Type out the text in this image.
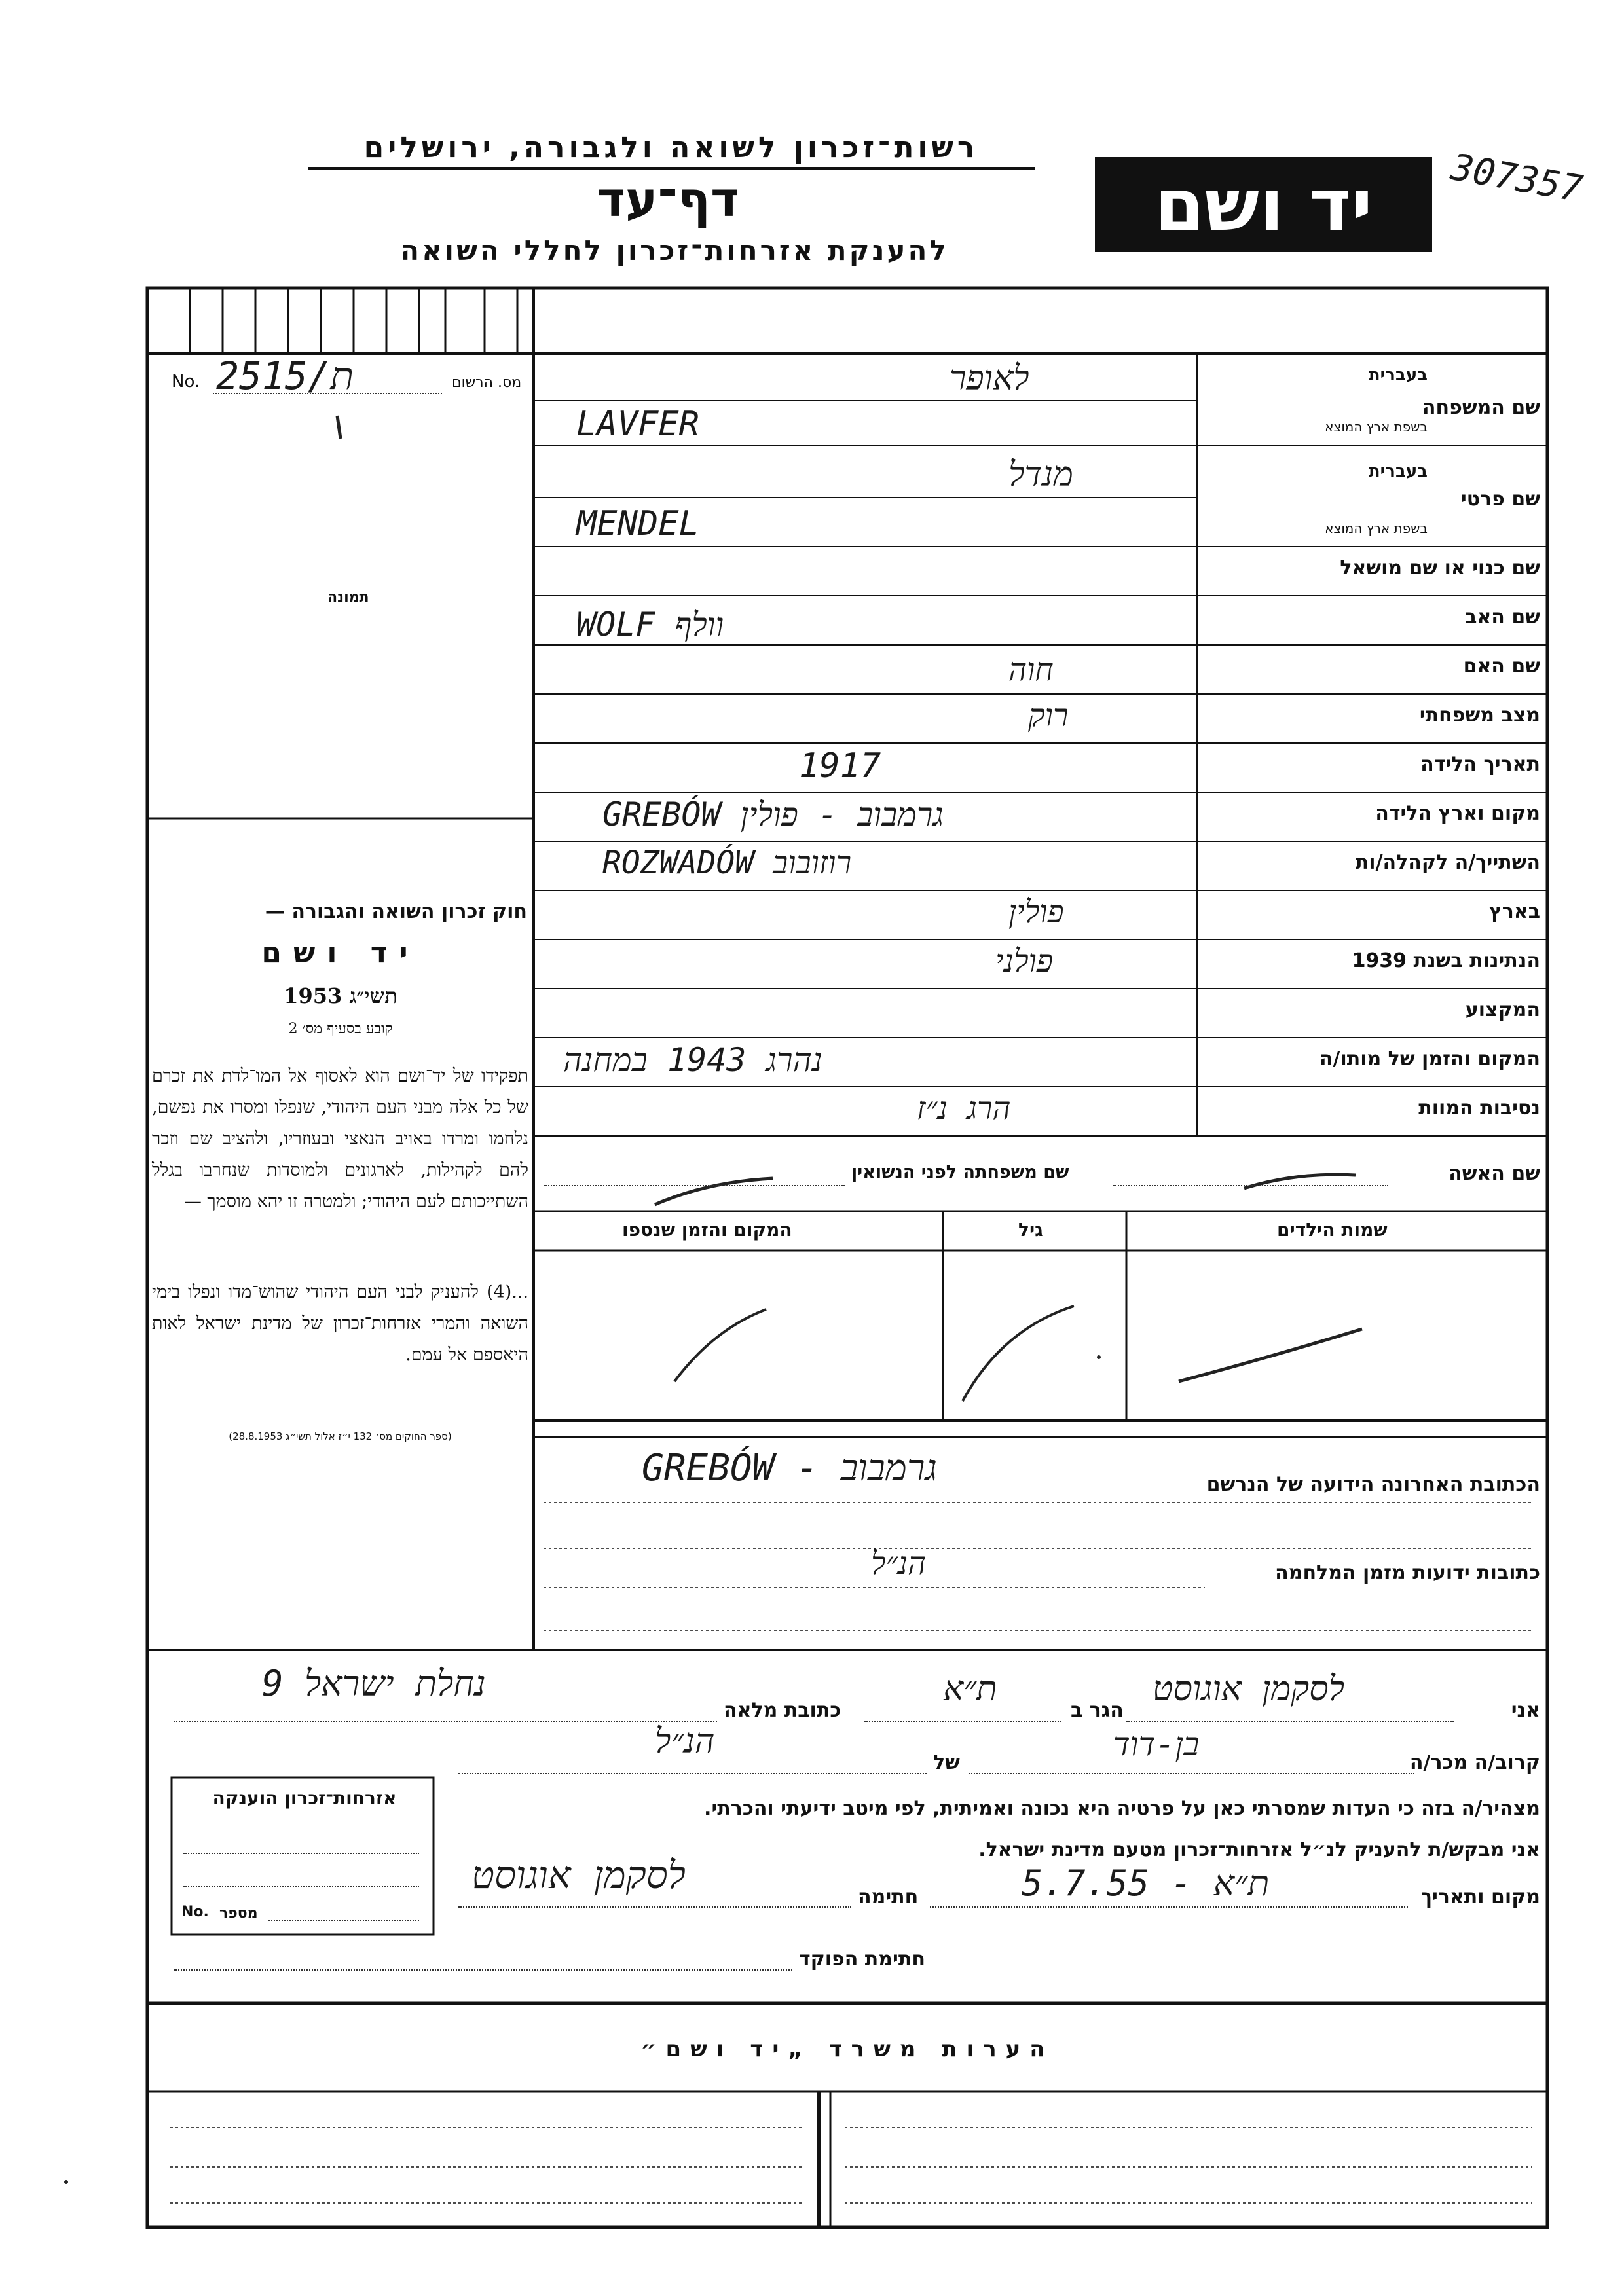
רשות־זכרון לשואה ולגבורה, ירושלים
דף־עד
להענקת אזרחות־זכרון לחללי השואה
יד ושם 307357
מס. הרשום
No. ת/2515
תמונה
חוק זכרון השואה והגבורה —
יד ושם
תשי״ג 1953
קובע בסעיף מס׳ 2
תפקידו של יד־ושם הוא לאסוף אל המו־לדת את זכרם של כל אלה מבני העם היהודי, שנפלו ומסרו את נפשם, נלחמו ומרדו באויב הנאצי ובעוזריו, ולהציב שם וזכר להם לקהילות, לארגונים ולמוסדות שנחרבו בגלל השתייכותם לעם היהודי; ולמטרה זו יהא מוסמך —
...(4) להעניק לבני העם היהודי שהוש־מדו ונפלו בימי השואה והמרי אזרחות־זכרון של מדינת ישראל לאות היאספם אל עמם.
(ספר החוקים מס׳ 132 י״ז אלול תשי״ג 28.8.1953)
שם המשפחה
בעברית
בשפת ארץ המוצא
לאופר
LAVFER
שם פרטי
בעברית
בשפת ארץ המוצא
מנדל
MENDEL
שם כנוי או שם מושאל
שם האב
WOLF וולף
שם האם
חוה
מצב משפחתי
רוק
תאריך הלידה
1917
מקום וארץ הלידה
GREBÓW גרמבוב - פולין
השתייך/ה לקהלה/ות
ROZWADÓW רוזובוב
בארץ
פולין
הנתינות בשנת 1939
פולני
המקצוע
המקום והזמן של מותו/ה
נהרג 1943 במחנה
נסיבות המוות
הרג נ״ז
שם האשה
שם משפחתה לפני הנשואין
שמות הילדים
גיל
המקום והזמן שנספו
הכתובת האחרונה הידועה של הנרשם
GREBÓW - גרמבוב
כתובות ידועות מזמן המלחמה
הנ״ל
אני
לסקמן אוגוסט
הגר ב
ת״א
כתובת מלאה
נחלת ישראל 9
קרוב/ה מכר/ה
בן-דוד
של
הנ״ל
מצהיר/ה בזה כי העדות שמסרתי כאן על פרטיה היא נכונה ואמיתית, לפי מיטב ידיעתי והכרתי.
אני מבקש/ת להעניק לנ״ל אזרחות־זכרון מטעם מדינת ישראל.
מקום ותאריך
ת״א - 5.7.55
חתימה
לסקמן אוגוסט
חתימת הפוקד
אזרחות־זכרון הוענקה
מספר
No.
הערות משרד „יד ושם״
